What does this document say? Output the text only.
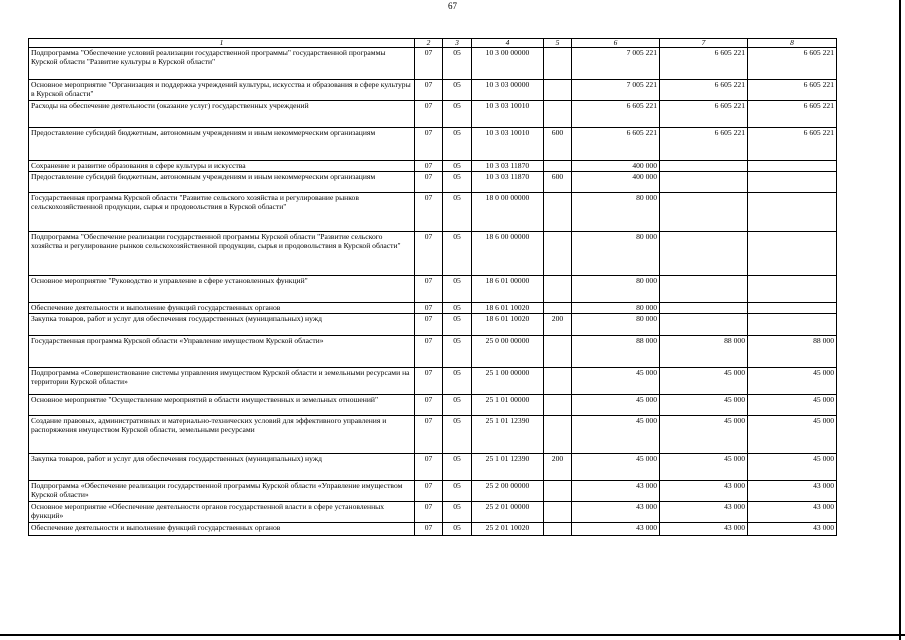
67
1	2	3	4	5	6	7	8
Подпрограмма "Обеспечение условий реализации государственной программы" государственной программы Курской области "Развитие культуры в Курской области"	07	05	10 3 00 00000		7 005 221	6 605 221	6 605 221
Основное мероприятие "Организация и поддержка учреждений культуры, искусства и образования в сфере культуры в Курской области"	07	05	10 3 03 00000		7 005 221	6 605 221	6 605 221
Расходы на обеспечение деятельности (оказание услуг) государственных учреждений	07	05	10 3 03 10010		6 605 221	6 605 221	6 605 221
Предоставление субсидий бюджетным, автономным учреждениям и иным некоммерческим организациям	07	05	10 3 03 10010	600	6 605 221	6 605 221	6 605 221
Сохранение и развитие образования в сфере культуры и искусства	07	05	10 3 03 11870		400 000		
Предоставление субсидий бюджетным, автономным учреждениям и иным некоммерческим организациям	07	05	10 3 03 11870	600	400 000		
Государственная программа Курской области "Развитие сельского хозяйства и регулирование рынков сельскохозяйственной продукции, сырья и продовольствия в Курской области"	07	05	18 0 00 00000		80 000		
Подпрограмма "Обеспечение реализации государственной программы Курской области "Развитие сельского хозяйства и регулирование рынков сельскохозяйственной продукции, сырья и продовольствия в Курской области"	07	05	18 6 00 00000		80 000		
Основное мероприятие "Руководство и управление в сфере установленных функций"	07	05	18 6 01 00000		80 000		
Обеспечение деятельности и выполнение функций государственных органов	07	05	18 6 01 10020		80 000		
Закупка товаров, работ и услуг для обеспечения государственных (муниципальных) нужд	07	05	18 6 01 10020	200	80 000		
Государственная программа Курской области «Управление имуществом Курской области»	07	05	25 0 00 00000		88 000	88 000	88 000
Подпрограмма «Совершенствование системы управления имуществом Курской области и земельными ресурсами на территории Курской области»	07	05	25 1 00 00000		45 000	45 000	45 000
Основное мероприятие "Осуществление мероприятий в области имущественных и земельных отношений"	07	05	25 1 01 00000		45 000	45 000	45 000
Создание правовых, административных и материально-технических условий для эффективного управления и распоряжения имуществом Курской области, земельными ресурсами	07	05	25 1 01 12390		45 000	45 000	45 000
Закупка товаров, работ и услуг для обеспечения государственных (муниципальных) нужд	07	05	25 1 01 12390	200	45 000	45 000	45 000
Подпрограмма «Обеспечение реализации государственной программы Курской области «Управление имуществом Курской области»	07	05	25 2 00 00000		43 000	43 000	43 000
Основное мероприятие «Обеспечение деятельности органов государственной власти в сфере установленных функций»	07	05	25 2 01 00000		43 000	43 000	43 000
Обеспечение деятельности и выполнение функций государственных органов	07	05	25 2 01 10020		43 000	43 000	43 000
